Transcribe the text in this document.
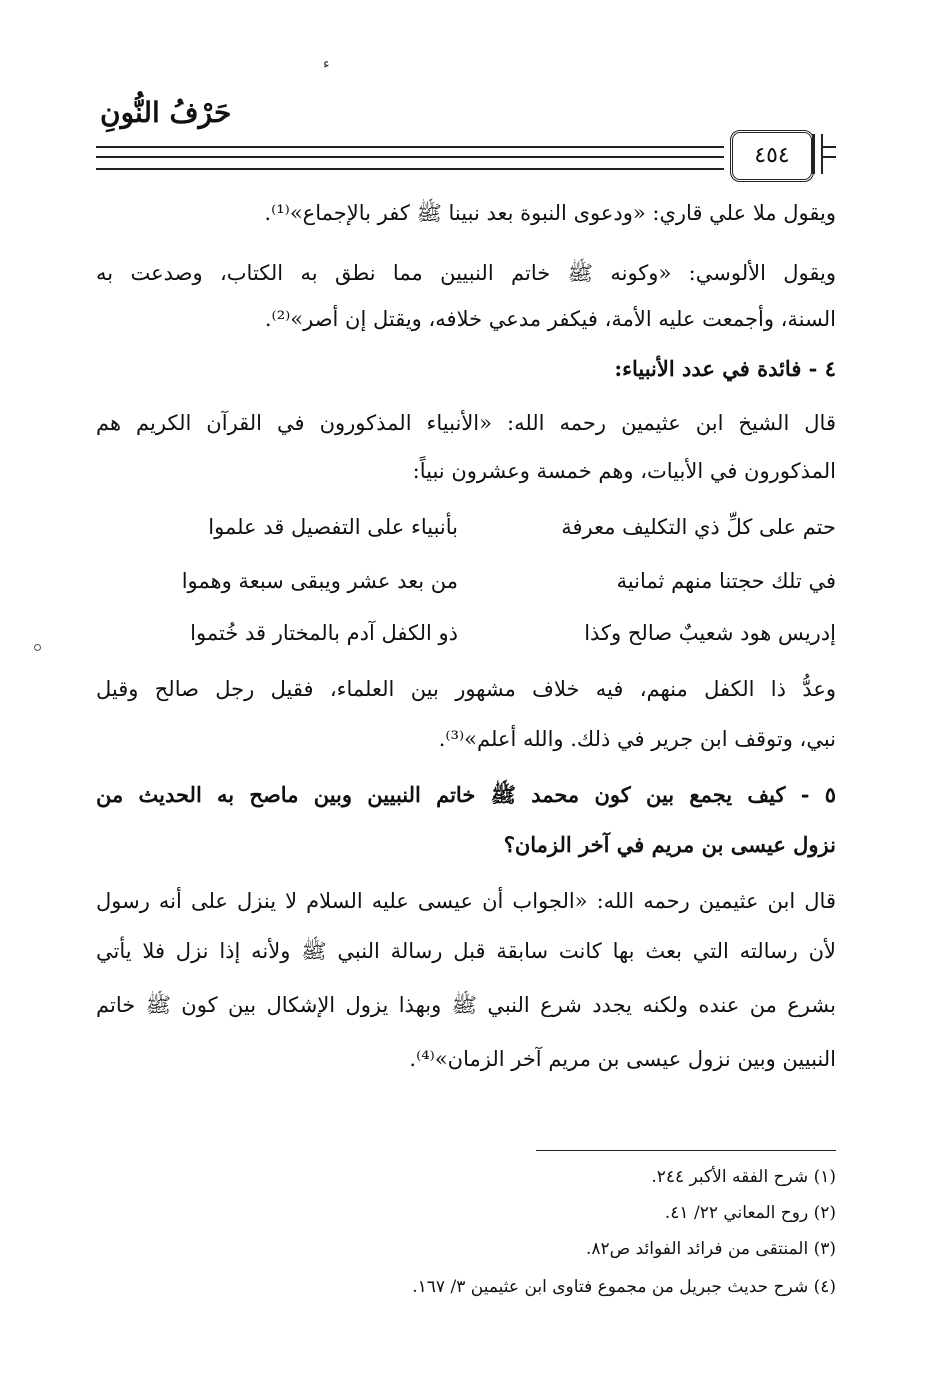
ء
حَرْفُ النُّونِ
٤٥٤
ويقول ملا علي قاري: «ودعوى النبوة بعد نبينا ﷺ كفر بالإجماع»⁽¹⁾.
ويقول الألوسي: «وكونه ﷺ خاتم النبيين مما نطق به الكتاب، وصدعت به
السنة، وأجمعت عليه الأمة، فيكفر مدعي خلافه، ويقتل إن أصر»⁽²⁾.
٤ - فائدة في عدد الأنبياء:
قال الشيخ ابن عثيمين رحمه الله: «الأنبياء المذكورون في القرآن الكريم هم
المذكورون في الأبيات، وهم خمسة وعشرون نبياً:
حتم على كلِّ ذي التكليف معرفة
بأنبياء على التفصيل قد علموا
في تلك حجتنا منهم ثمانية
من بعد عشر ويبقى سبعة وهموا
إدريس هود شعيبٌ صالح وكذا
ذو الكفل آدم بالمختار قد خُتموا
وعدُّ ذا الكفل منهم، فيه خلاف مشهور بين العلماء، فقيل رجل صالح وقيل
نبي، وتوقف ابن جرير في ذلك. والله أعلم»⁽³⁾.
٥ - كيف يجمع بين كون محمد ﷺ خاتم النبيين وبين ماصح به الحديث من
نزول عيسى بن مريم في آخر الزمان؟
قال ابن عثيمين رحمه الله: «الجواب أن عيسى عليه السلام لا ينزل على أنه رسول
لأن رسالته التي بعث بها كانت سابقة قبل رسالة النبي ﷺ ولأنه إذا نزل فلا يأتي
بشرع من عنده ولكنه يجدد شرع النبي ﷺ وبهذا يزول الإشكال بين كون ﷺ خاتم
النبيين وبين نزول عيسى بن مريم آخر الزمان»⁽⁴⁾.
(١) شرح الفقه الأكبر ٢٤٤.
(٢) روح المعاني ٢٢/ ٤١.
(٣) المنتقى من فرائد الفوائد ص٨٢.
(٤) شرح حديث جبريل من مجموع فتاوى ابن عثيمين ٣/ ١٦٧.
